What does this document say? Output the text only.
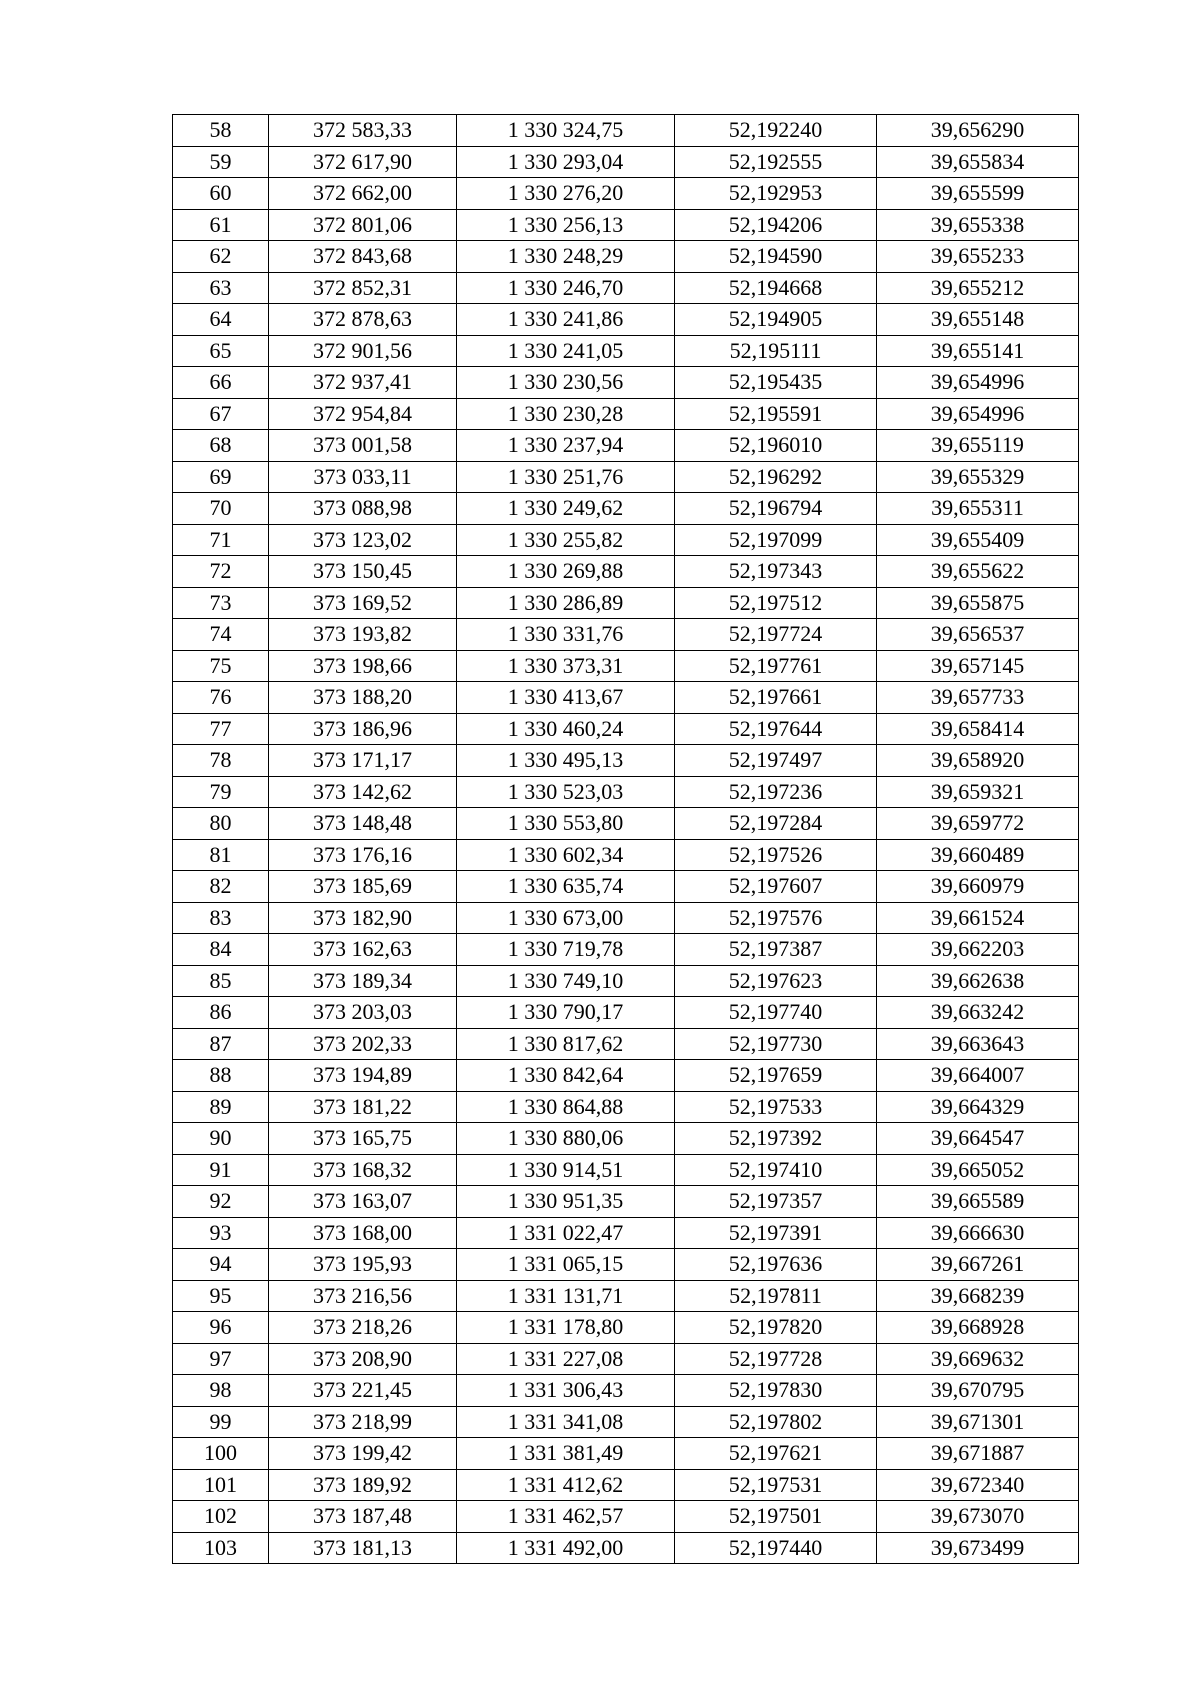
58	372 583,33	1 330 324,75	52,192240	39,656290
59	372 617,90	1 330 293,04	52,192555	39,655834
60	372 662,00	1 330 276,20	52,192953	39,655599
61	372 801,06	1 330 256,13	52,194206	39,655338
62	372 843,68	1 330 248,29	52,194590	39,655233
63	372 852,31	1 330 246,70	52,194668	39,655212
64	372 878,63	1 330 241,86	52,194905	39,655148
65	372 901,56	1 330 241,05	52,195111	39,655141
66	372 937,41	1 330 230,56	52,195435	39,654996
67	372 954,84	1 330 230,28	52,195591	39,654996
68	373 001,58	1 330 237,94	52,196010	39,655119
69	373 033,11	1 330 251,76	52,196292	39,655329
70	373 088,98	1 330 249,62	52,196794	39,655311
71	373 123,02	1 330 255,82	52,197099	39,655409
72	373 150,45	1 330 269,88	52,197343	39,655622
73	373 169,52	1 330 286,89	52,197512	39,655875
74	373 193,82	1 330 331,76	52,197724	39,656537
75	373 198,66	1 330 373,31	52,197761	39,657145
76	373 188,20	1 330 413,67	52,197661	39,657733
77	373 186,96	1 330 460,24	52,197644	39,658414
78	373 171,17	1 330 495,13	52,197497	39,658920
79	373 142,62	1 330 523,03	52,197236	39,659321
80	373 148,48	1 330 553,80	52,197284	39,659772
81	373 176,16	1 330 602,34	52,197526	39,660489
82	373 185,69	1 330 635,74	52,197607	39,660979
83	373 182,90	1 330 673,00	52,197576	39,661524
84	373 162,63	1 330 719,78	52,197387	39,662203
85	373 189,34	1 330 749,10	52,197623	39,662638
86	373 203,03	1 330 790,17	52,197740	39,663242
87	373 202,33	1 330 817,62	52,197730	39,663643
88	373 194,89	1 330 842,64	52,197659	39,664007
89	373 181,22	1 330 864,88	52,197533	39,664329
90	373 165,75	1 330 880,06	52,197392	39,664547
91	373 168,32	1 330 914,51	52,197410	39,665052
92	373 163,07	1 330 951,35	52,197357	39,665589
93	373 168,00	1 331 022,47	52,197391	39,666630
94	373 195,93	1 331 065,15	52,197636	39,667261
95	373 216,56	1 331 131,71	52,197811	39,668239
96	373 218,26	1 331 178,80	52,197820	39,668928
97	373 208,90	1 331 227,08	52,197728	39,669632
98	373 221,45	1 331 306,43	52,197830	39,670795
99	373 218,99	1 331 341,08	52,197802	39,671301
100	373 199,42	1 331 381,49	52,197621	39,671887
101	373 189,92	1 331 412,62	52,197531	39,672340
102	373 187,48	1 331 462,57	52,197501	39,673070
103	373 181,13	1 331 492,00	52,197440	39,673499
